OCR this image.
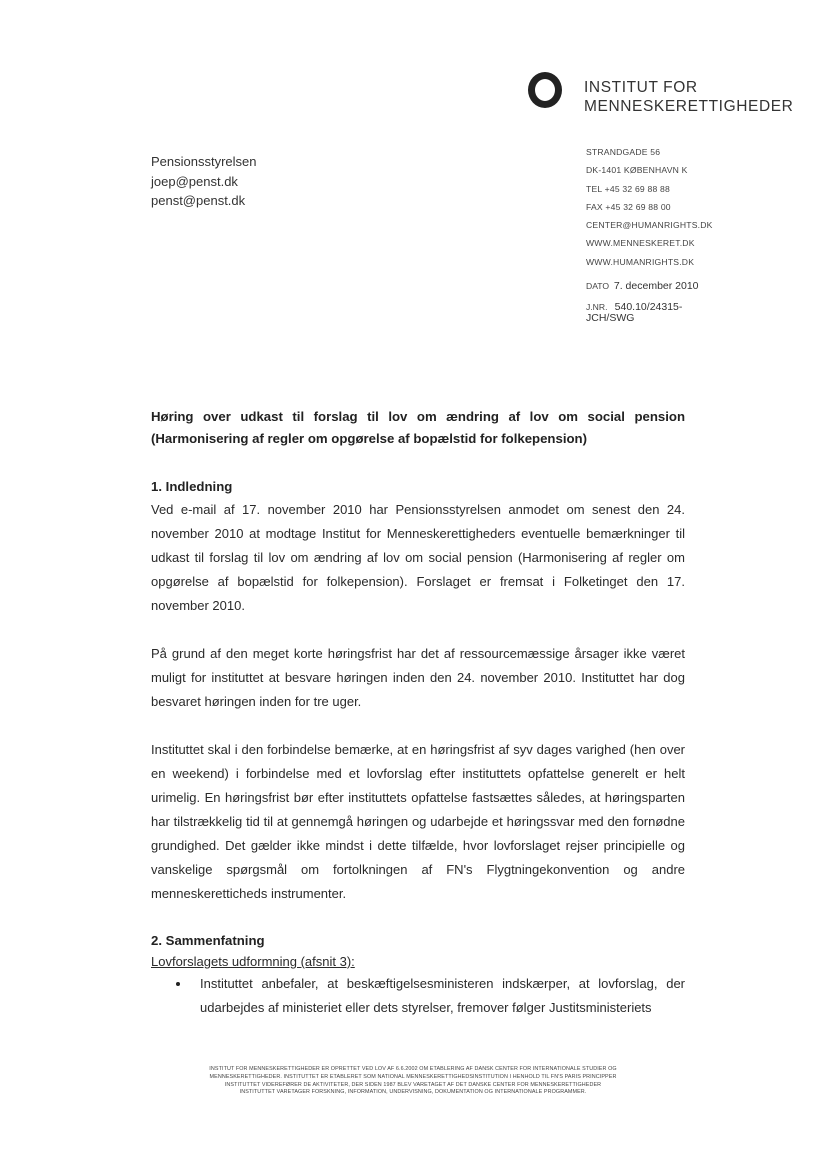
INSTITUT FOR
MENNESKERETTIGHEDER
Pensionsstyrelsen
joep@penst.dk
penst@penst.dk
STRANDGADE 56
DK-1401 KØBENHAVN K
TEL +45 32 69 88 88
FAX +45 32 69 88 00
CENTER@HUMANRIGHTS.DK
WWW.MENNESKERET.DK
WWW.HUMANRIGHTS.DK
DATO 7. december 2010
J.NR. 540.10/24315-
JCH/SWG

Høring over udkast til forslag til lov om ændring af lov om social pension (Harmonisering af regler om opgørelse af bopælstid for folkepension)

1. Indledning

Ved e-mail af 17. november 2010 har Pensionsstyrelsen anmodet om senest den 24. november 2010 at modtage Institut for Menneskerettigheders eventuelle bemærkninger til udkast til forslag til lov om ændring af lov om social pension (Harmonisering af regler om opgørelse af bopælstid for folkepension). Forslaget er fremsat i Folketinget den 17. november 2010.

På grund af den meget korte høringsfrist har det af ressourcemæssige årsager ikke været muligt for instituttet at besvare høringen inden den 24. november 2010. Instituttet har dog besvaret høringen inden for tre uger.

Instituttet skal i den forbindelse bemærke, at en høringsfrist af syv dages varighed (hen over en weekend) i forbindelse med et lovforslag efter instituttets opfattelse generelt er helt urimelig. En høringsfrist bør efter instituttets opfattelse fastsættes således, at høringsparten har tilstrækkelig tid til at gennemgå høringen og udarbejde et høringssvar med den fornødne grundighed. Det gælder ikke mindst i dette tilfælde, hvor lovforslaget rejser principielle og vanskelige spørgsmål om fortolkningen af FN's Flygtningekonvention og andre menneskeretticheds instrumenter.

2. Sammenfatning

Lovforslagets udformning (afsnit 3):

Instituttet anbefaler, at beskæftigelsesministeren indskærper, at lovforslag, der udarbejdes af ministeriet eller dets styrelser, fremover følger Justitsministeriets

INSTITUT FOR MENNESKERETTIGHEDER ER OPRETTET VED LOV AF 6.6.2002 OM ETABLERING AF DANSK CENTER FOR INTERNATIONALE STUDIER OG
MENNESKERETTIGHEDER. INSTITUTTET ER ETABLERET SOM NATIONAL MENNESKERETTIGHEDSINSTITUTION I HENHOLD TIL FN'S PARIS PRINCIPPER
INSTITUTTET VIDEREFØRER DE AKTIVITETER, DER SIDEN 1987 BLEV VARETAGET AF DET DANSKE CENTER FOR MENNESKERETTIGHEDER
INSTITUTTET VARETAGER FORSKNING, INFORMATION, UNDERVISNING, DOKUMENTATION OG INTERNATIONALE PROGRAMMER.
